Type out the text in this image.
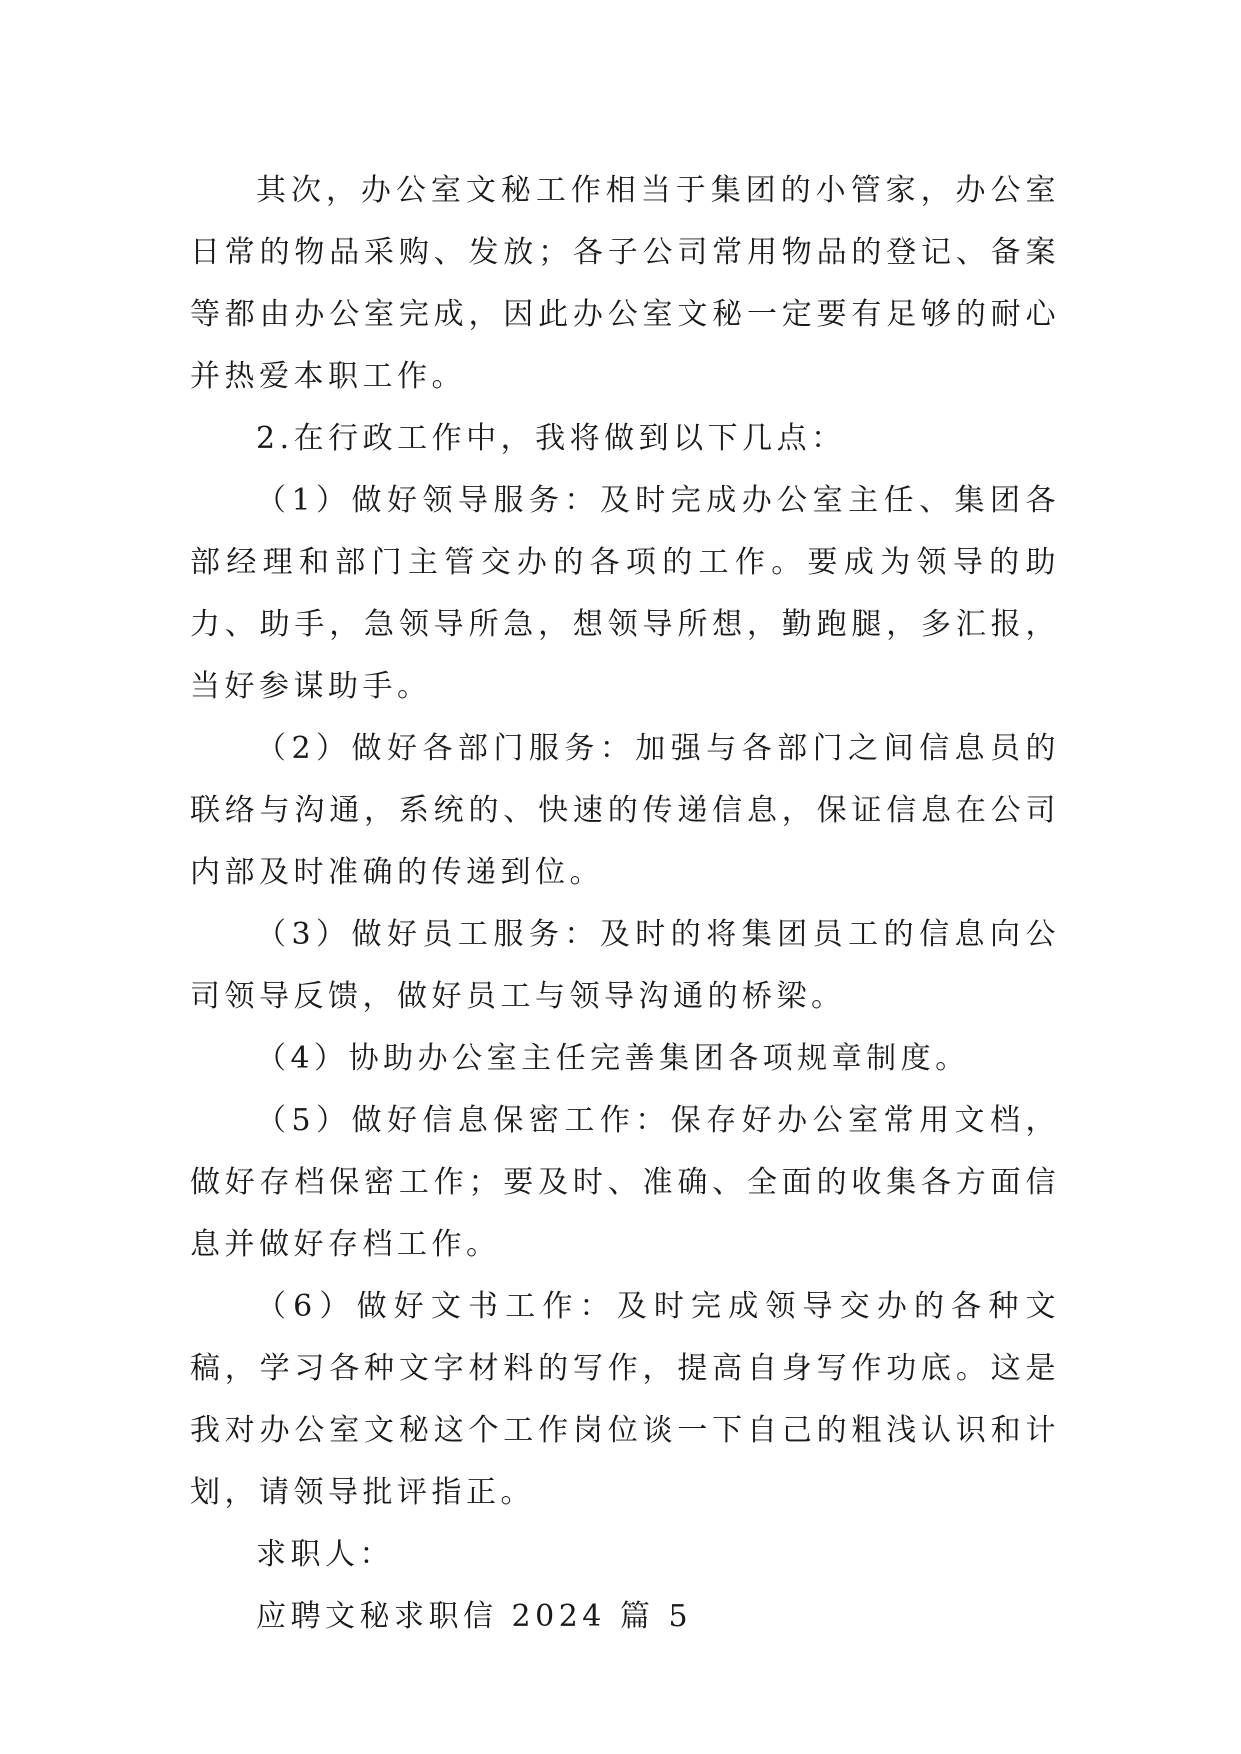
其次，办公室文秘工作相当于集团的小管家，办公室日常的物品采购、发放；各子公司常用物品的登记、备案等都由办公室完成，因此办公室文秘一定要有足够的耐心并热爱本职工作。

2.在行政工作中，我将做到以下几点：

（1）做好领导服务：及时完成办公室主任、集团各部经理和部门主管交办的各项的工作。要成为领导的助力、助手，急领导所急，想领导所想，勤跑腿，多汇报，当好参谋助手。

（2）做好各部门服务：加强与各部门之间信息员的联络与沟通，系统的、快速的传递信息，保证信息在公司内部及时准确的传递到位。

（3）做好员工服务：及时的将集团员工的信息向公司领导反馈，做好员工与领导沟通的桥梁。

（4）协助办公室主任完善集团各项规章制度。

（5）做好信息保密工作：保存好办公室常用文档，做好存档保密工作；要及时、准确、全面的收集各方面信息并做好存档工作。

（6）做好文书工作：及时完成领导交办的各种文稿，学习各种文字材料的写作，提高自身写作功底。这是我对办公室文秘这个工作岗位谈一下自己的粗浅认识和计划，请领导批评指正。

求职人：

应聘文秘求职信 2024 篇 5
